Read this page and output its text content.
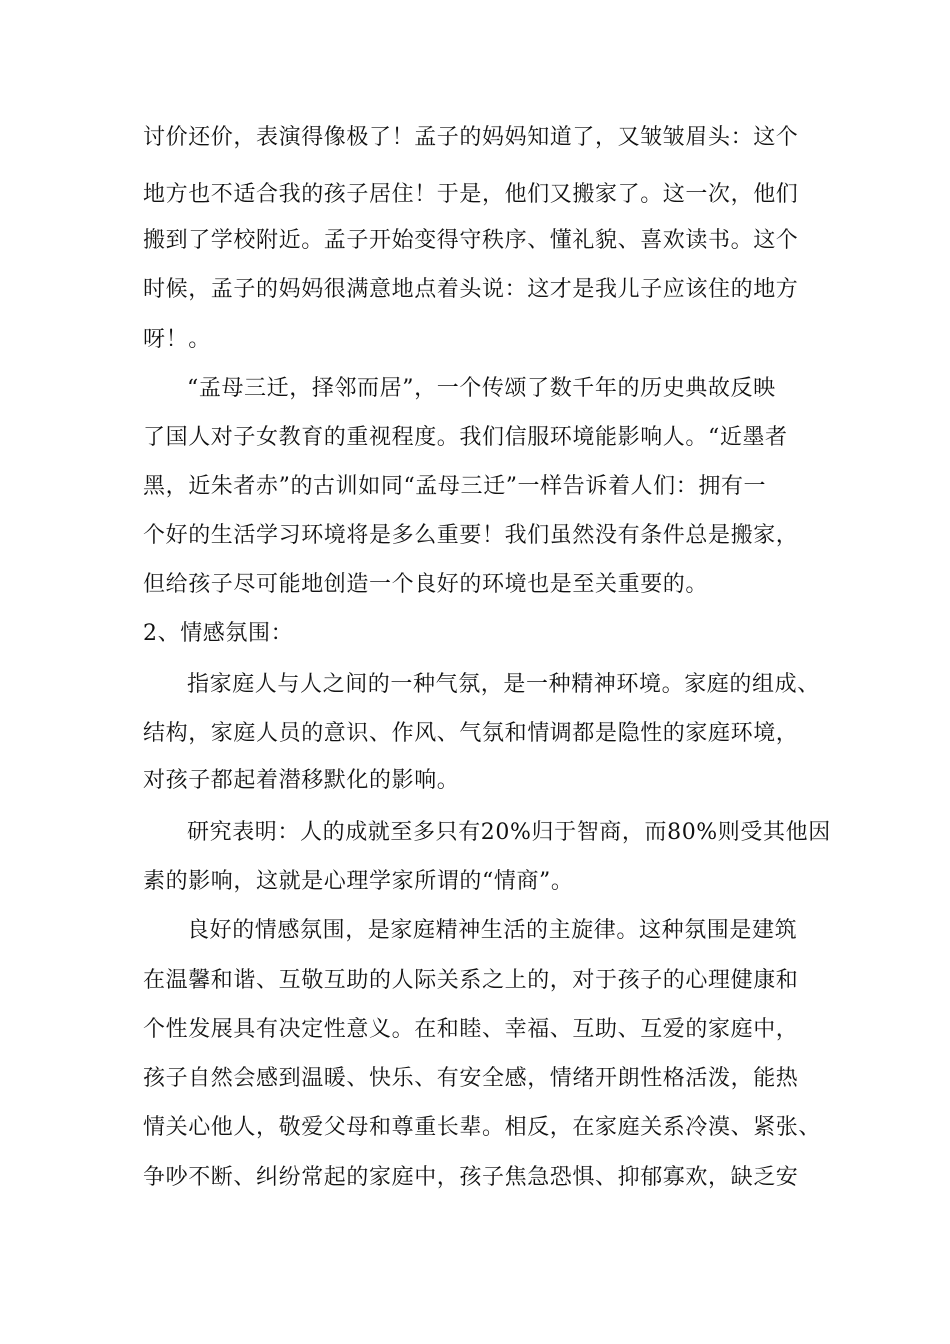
讨价还价，表演得像极了！孟子的妈妈知道了，又皱皱眉头：这个
地方也不适合我的孩子居住！于是，他们又搬家了。这一次，他们
搬到了学校附近。孟子开始变得守秩序、懂礼貌、喜欢读书。这个
时候，孟子的妈妈很满意地点着头说：这才是我儿子应该住的地方
呀！。
“孟母三迁，择邻而居”，一个传颂了数千年的历史典故反映
了国人对子女教育的重视程度。我们信服环境能影响人。“近墨者
黑，近朱者赤”的古训如同“孟母三迁”一样告诉着人们：拥有一
个好的生活学习环境将是多么重要！我们虽然没有条件总是搬家，
但给孩子尽可能地创造一个良好的环境也是至关重要的。
2、情感氛围：
指家庭人与人之间的一种气氛，是一种精神环境。家庭的组成、
结构，家庭人员的意识、作风、气氛和情调都是隐性的家庭环境，
对孩子都起着潜移默化的影响。
研究表明：人的成就至多只有20%归于智商，而80%则受其他因
素的影响，这就是心理学家所谓的“情商”。
良好的情感氛围，是家庭精神生活的主旋律。这种氛围是建筑
在温馨和谐、互敬互助的人际关系之上的，对于孩子的心理健康和
个性发展具有决定性意义。在和睦、幸福、互助、互爱的家庭中，
孩子自然会感到温暖、快乐、有安全感，情绪开朗性格活泼，能热
情关心他人，敬爱父母和尊重长辈。相反，在家庭关系冷漠、紧张、
争吵不断、纠纷常起的家庭中，孩子焦急恐惧、抑郁寡欢，缺乏安
